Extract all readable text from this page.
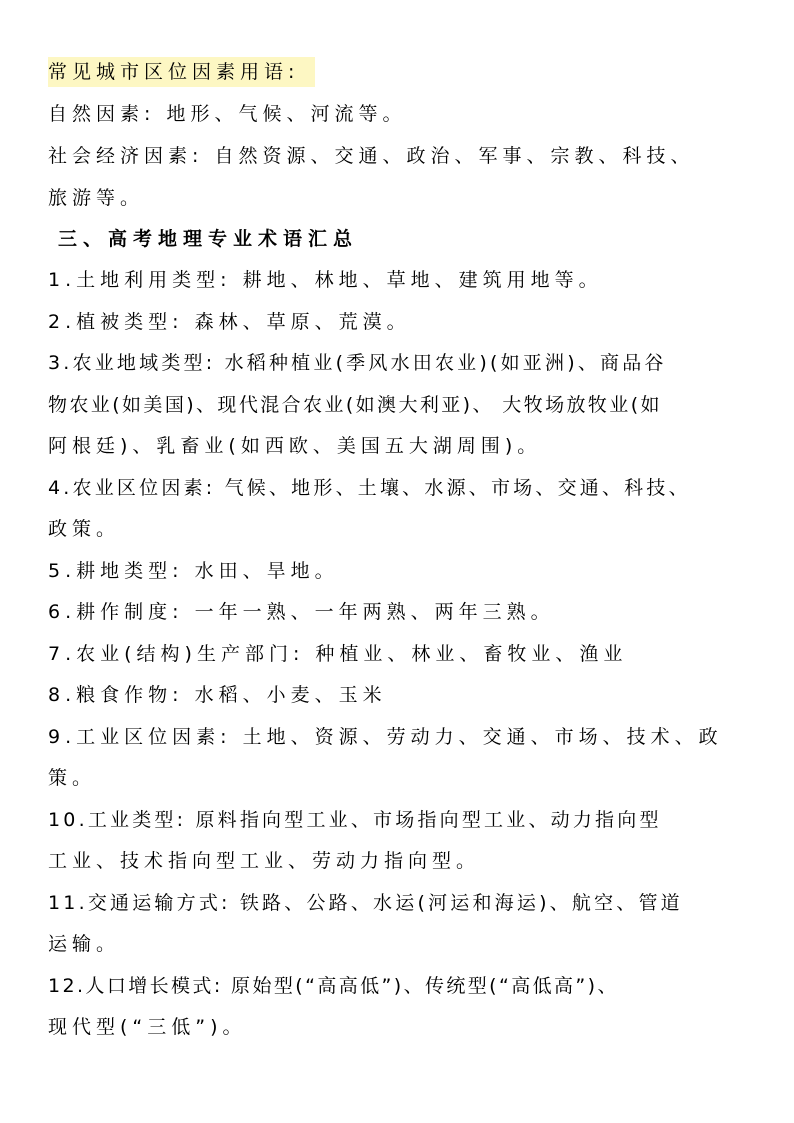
常见城市区位因素用语:
自然因素: 地形、气候、河流等。
社会经济因素: 自然资源、交通、政治、军事、宗教、科技、
旅游等。
三、高考地理专业术语汇总
1.土地利用类型: 耕地、林地、草地、建筑用地等。
2.植被类型: 森林、草原、荒漠。
3.农业地域类型: 水稻种植业(季风水田农业)(如亚洲)、商品谷
物农业(如美国)、现代混合农业(如澳大利亚)、 大牧场放牧业(如
阿根廷)、乳畜业(如西欧、美国五大湖周围)。
4.农业区位因素: 气候、地形、土壤、水源、市场、交通、科技、
政策。
5.耕地类型: 水田、旱地。
6.耕作制度: 一年一熟、一年两熟、两年三熟。
7.农业(结构)生产部门: 种植业、林业、畜牧业、渔业
8.粮食作物: 水稻、小麦、玉米
9.工业区位因素: 土地、资源、劳动力、交通、市场、技术、政
策。
10.工业类型: 原料指向型工业、市场指向型工业、动力指向型
工业、技术指向型工业、劳动力指向型。
11.交通运输方式: 铁路、公路、水运(河运和海运)、航空、管道
运输。
12.人口增长模式: 原始型(“高高低”)、传统型(“高低高”)、
现代型(“三低”)。
